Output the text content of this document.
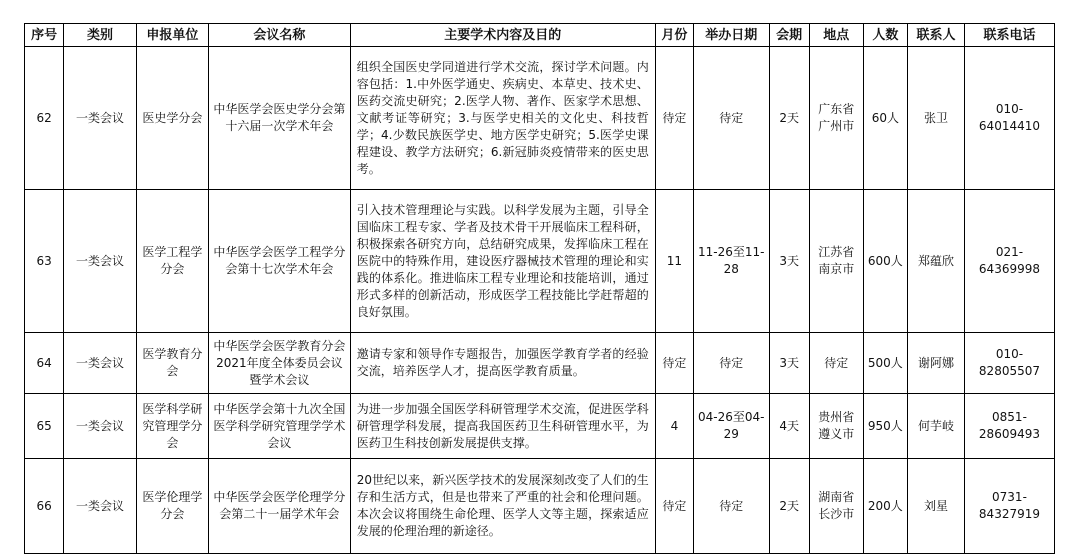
序号	类别	申报单位	会议名称	主要学术内容及目的	月份	举办日期	会期	地点	人数	联系人	联系电话
62	一类会议	医史学分会	中华医学会医史学分会第十六届一次学术年会	组织全国医史学同道进行学术交流，探讨学术问题。内容包括：1.中外医学通史、疾病史、本草史、技术史、医药交流史研究；2.医学人物、著作、医家学术思想、文献考证等研究；3.与医学史相关的文化史、科技哲学；4.少数民族医学史、地方医学史研究；5.医学史课程建设、教学方法研究；6.新冠肺炎疫情带来的医史思考。	待定	待定	2天	广东省广州市	60人	张卫	010-64014410
63	一类会议	医学工程学分会	中华医学会医学工程学分会第十七次学术年会	引入技术管理理论与实践。以科学发展为主题，引导全国临床工程专家、学者及技术骨干开展临床工程科研，积极探索各研究方向，总结研究成果，发挥临床工程在医院中的特殊作用，建设医疗器械技术管理的理论和实践的体系化。推进临床工程专业理论和技能培训，通过形式多样的创新活动，形成医学工程技能比学赶帮超的良好氛围。	11	11-26至11-28	3天	江苏省南京市	600人	郑蕴欣	021-64369998
64	一类会议	医学教育分会	中华医学会医学教育分会2021年度全体委员会议暨学术会议	邀请专家和领导作专题报告，加强医学教育学者的经验交流，培养医学人才，提高医学教育质量。	待定	待定	3天	待定	500人	谢阿娜	010-82805507
65	一类会议	医学科学研究管理学分会	中华医学会第十九次全国医学科学研究管理学学术会议	为进一步加强全国医学科研管理学术交流，促进医学科研管理学科发展，提高我国医药卫生科研管理水平，为医药卫生科技创新发展提供支撑。	4	04-26至04-29	4天	贵州省遵义市	950人	何芋岐	0851-28609493
66	一类会议	医学伦理学分会	中华医学会医学伦理学分会第二十一届学术年会	20世纪以来，新兴医学技术的发展深刻改变了人们的生存和生活方式，但是也带来了严重的社会和伦理问题。本次会议将围绕生命伦理、医学人文等主题，探索适应发展的伦理治理的新途径。	待定	待定	2天	湖南省长沙市	200人	刘星	0731-84327919
